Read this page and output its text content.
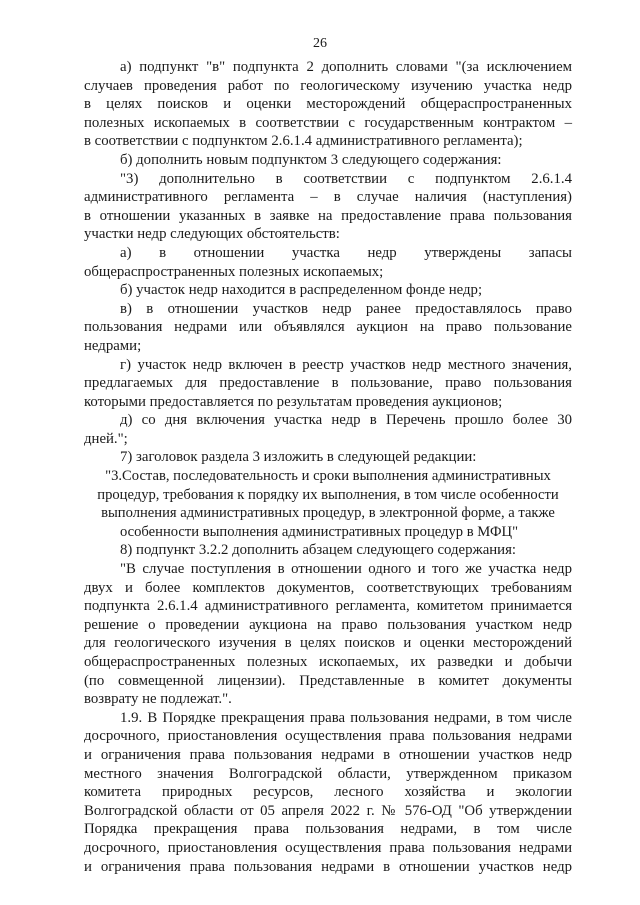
26
а) подпункт "в" подпункта 2 дополнить словами "(за исключением
случаев проведения работ по геологическому изучению участка недр
в целях поисков и оценки месторождений общераспространенных
полезных ископаемых в соответствии с государственным контрактом –
в соответствии с подпунктом 2.6.1.4 административного регламента);
б) дополнить новым подпунктом 3 следующего содержания:
"3) дополнительно в соответствии с подпунктом 2.6.1.4
административного регламента – в случае наличия (наступления)
в отношении указанных в заявке на предоставление права пользования
участки недр следующих обстоятельств:
а) в отношении участка недр утверждены запасы
общераспространенных полезных ископаемых;
б) участок недр находится в распределенном фонде недр;
в) в отношении участков недр ранее предоставлялось право
пользования недрами или объявлялся аукцион на право пользование
недрами;
г) участок недр включен в реестр участков недр местного значения,
предлагаемых для предоставление в пользование, право пользования
которыми предоставляется по результатам проведения аукционов;
д) со дня включения участка недр в Перечень прошло более 30
дней.";
7) заголовок раздела 3 изложить в следующей редакции:
"3.Состав, последовательность и сроки выполнения административных
процедур, требования к порядку их выполнения, в том числе особенности
выполнения административных процедур, в электронной форме, а также
особенности выполнения административных процедур в МФЦ"
8) подпункт 3.2.2 дополнить абзацем следующего содержания:
"В случае поступления в отношении одного и того же участка недр
двух и более комплектов документов, соответствующих требованиям
подпункта 2.6.1.4 административного регламента, комитетом принимается
решение о проведении аукциона на право пользования участком недр
для геологического изучения в целях поисков и оценки месторождений
общераспространенных полезных ископаемых, их разведки и добычи
(по совмещенной лицензии). Представленные в комитет документы
возврату не подлежат.".
1.9. В Порядке прекращения права пользования недрами, в том числе
досрочного, приостановления осуществления права пользования недрами
и ограничения права пользования недрами в отношении участков недр
местного значения Волгоградской области, утвержденном приказом
комитета природных ресурсов, лесного хозяйства и экологии
Волгоградской области от 05 апреля 2022 г. № 576-ОД "Об утверждении
Порядка прекращения права пользования недрами, в том числе
досрочного, приостановления осуществления права пользования недрами
и ограничения права пользования недрами в отношении участков недр
